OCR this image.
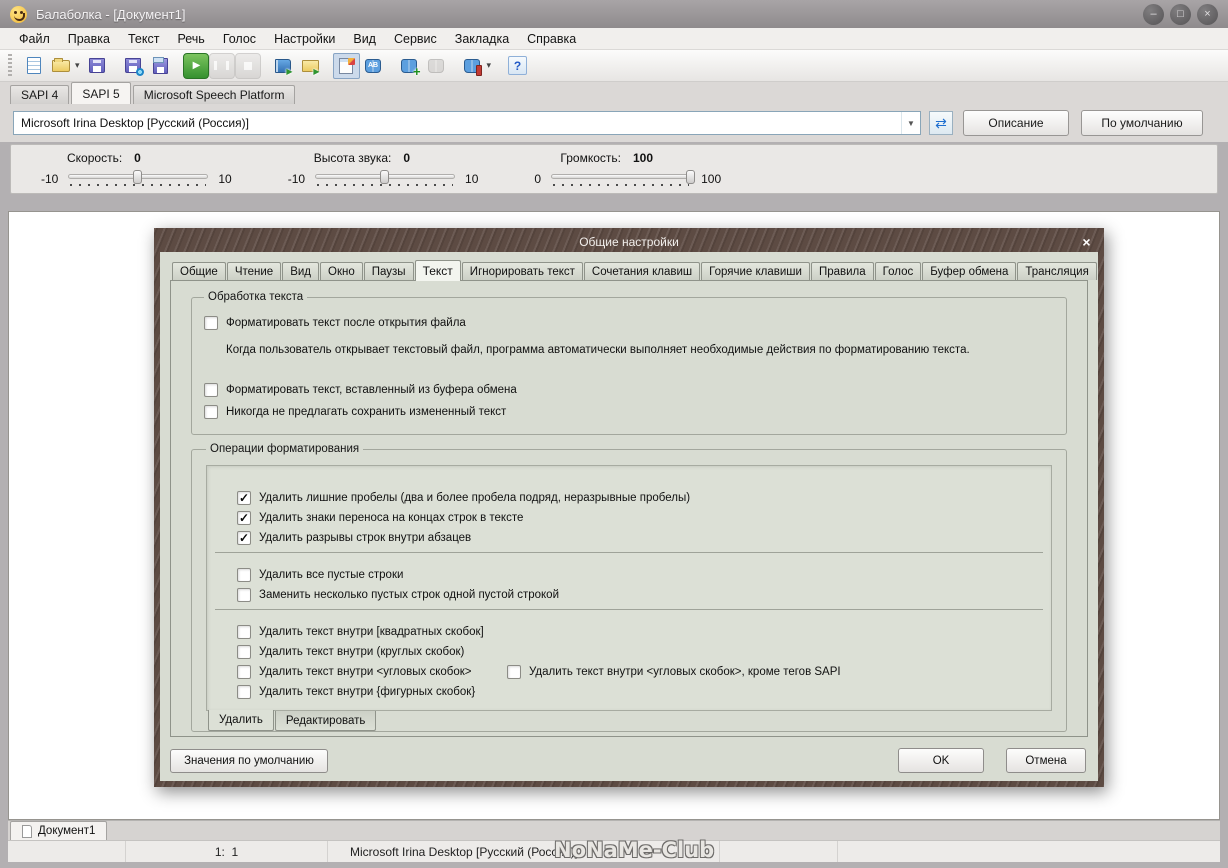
Балаболка - [Документ1]	–	□	×
Файл	Правка	Текст	Речь	Голос	Настройки	Вид	Сервис	Закладка	Справка
▾ ▶ ▶ ▶ AB +	▾
?
SAPI 4	SAPI 5	Microsoft Speech Platform
Microsoft Irina Desktop [Русский (Россия)]	▼	⇄	Описание	По умолчанию
Скорость: 0
-10	10
Высота звука: 0
-10	10
Громкость: 100
0	100
Общие настройки	×
Общие	Чтение	Вид	Окно	Паузы	Текст	Игнорировать текст	Сочетания клавиш	Горячие клавиши	Правила	Голос	Буфер обмена	Трансляция
Обработка текста
Форматировать текст после открытия файла
Когда пользователь открывает текстовый файл, программа автоматически выполняет необходимые действия по форматированию текста.
Форматировать текст, вставленный из буфера обмена
Никогда не предлагать сохранить измененный текст
Операции форматирования
✓ Удалить лишние пробелы (два и более пробела подряд, неразрывные пробелы)
✓ Удалить знаки переноса на концах строк в тексте
✓ Удалить разрывы строк внутри абзацев
Удалить все пустые строки
Заменить несколько пустых строк одной пустой строкой
Удалить текст внутри [квадратных скобок]
Удалить текст внутри (круглых скобок)
Удалить текст внутри <угловых скобок>
Удалить текст внутри {фигурных скобок}
Удалить текст внутри <угловых скобок>, кроме тегов SAPI
Удалить	Редактировать
Значения по умолчанию	OK	Отмена
Документ1
1:  1	Microsoft Irina Desktop [Русский (Россия)]
NoNaMe-Club
